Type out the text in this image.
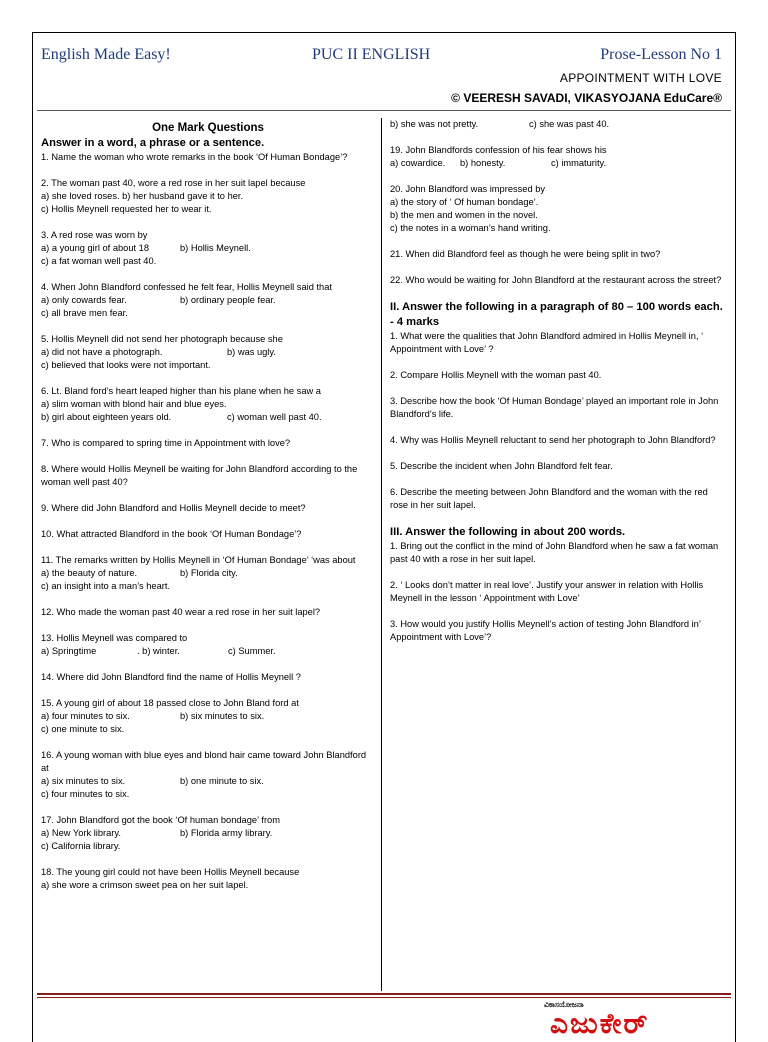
English Made Easy!	PUC II ENGLISH	Prose-Lesson No 1
APPOINTMENT WITH LOVE
© VEERESH SAVADI, VIKASYOJANA EduCare®
One Mark Questions
Answer in a word, a phrase or a sentence.
1. Name the woman who wrote remarks in the book ‘Of Human Bondage’?
2. The woman past 40, wore a red rose in her suit lapel because
a) she loved roses. b) her husband gave it to her.
c) Hollis Meynell requested her to wear it.
3. A red rose was worn by
a) a young girl of about 18	b) Hollis Meynell.
c) a fat woman well past 40.
4. When John Blandford confessed he felt fear, Hollis Meynell said that
a) only cowards fear.	b) ordinary people fear.
c) all brave men fear.
5. Hollis Meynell did not send her photograph because she
a) did not have a photograph.	b) was ugly.
c) believed that looks were not important.
6. Lt. Bland ford’s heart leaped higher than his plane when he saw a
a) slim woman with blond hair and blue eyes.
b) girl about eighteen years old.	c) woman well past 40.
7. Who is compared to spring time in Appointment with love?
8. Where would Hollis Meynell be waiting for John Blandford according to the woman well past 40?
9. Where did John Blandford and Hollis Meynell decide to meet?
10. What attracted Blandford in the book ‘Of Human Bondage’?
11. The remarks written by Hollis Meynell in ‘Of Human Bondage’ ‘was about
a) the beauty of nature.	b) Florida city.
c) an insight into a man’s heart.
12. Who made the woman past 40 wear a red rose in her suit lapel?
13. Hollis Meynell was compared to
a) Springtime	. b) winter.	c) Summer.
14. Where did John Blandford find the name of Hollis Meynell ?
15. A young girl of about 18 passed close to John Bland ford at
a) four minutes to six.	b) six minutes to six.
c) one minute to six.
16. A young woman with blue eyes and blond hair came toward John Blandford at
a) six minutes to six.	b) one minute to six.
c) four minutes to six.
17. John Blandford got the book ‘Of human bondage’ from
a) New York library.	b) Florida army library.
c) California library.
18. The young girl could not have been Hollis Meynell because
a) she wore a crimson sweet pea on her suit lapel.
b) she was not pretty.	c) she was past 40.
19. John Blandfords confession of his fear shows his
a) cowardice.	b) honesty.	c) immaturity.
20. John Blandford was impressed by
a) the story of ‘ Of human bondage’.
b) the men and women in the novel.
c) the notes in a woman’s hand writing.
21. When did Blandford feel as though he were being split in two?
22. Who would be waiting for John Blandford at the restaurant across the street?
II. Answer the following in a paragraph of 80 – 100 words each. - 4 marks
1. What were the qualities that John Blandford admired in Hollis Meynell in, ‘ Appointment with Love’ ?
2. Compare Hollis Meynell with the woman past 40.
3. Describe how the book ‘Of Human Bondage’ played an important role in John Blandford’s life.
4. Why was Hollis Meynell reluctant to send her photograph to John Blandford?
5. Describe the incident when John Blandford felt fear.
6. Describe the meeting between John Blandford and the woman with the red rose in her suit lapel.
III. Answer the following in about 200 words.
1. Bring out the conflict in the mind of John Blandford when he saw a fat woman past 40 with a rose in her suit lapel.
2. ‘ Looks don’t matter in real love’. Justify your answer in relation with Hollis Meynell in the lesson ‘ Appointment with Love’
3. How would you justify Hollis Meynell’s action of testing John Blandford in’ Appointment with Love’?
ವಿಕಾಸಯೋಜನಾ
ಎಜುಕೇರ್
